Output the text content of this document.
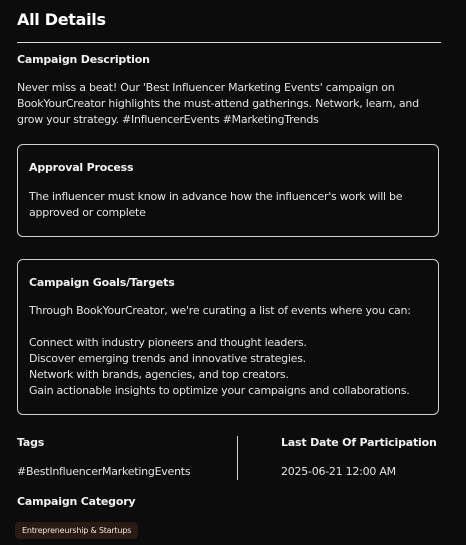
All Details
Campaign Description
Never miss a beat! Our 'Best Influencer Marketing Events' campaign on BookYourCreator highlights the must-attend gatherings. Network, learn, and grow your strategy. #InfluencerEvents #MarketingTrends
Approval Process
The influencer must know in advance how the influencer's work will be approved or complete
Campaign Goals/Targets
Through BookYourCreator, we're curating a list of events where you can:
Connect with industry pioneers and thought leaders.
Discover emerging trends and innovative strategies.
Network with brands, agencies, and top creators.
Gain actionable insights to optimize your campaigns and collaborations.
Tags
#BestInfluencerMarketingEvents
Last Date Of Participation
2025-06-21 12:00 AM
Campaign Category
Entrepreneurship & Startups
